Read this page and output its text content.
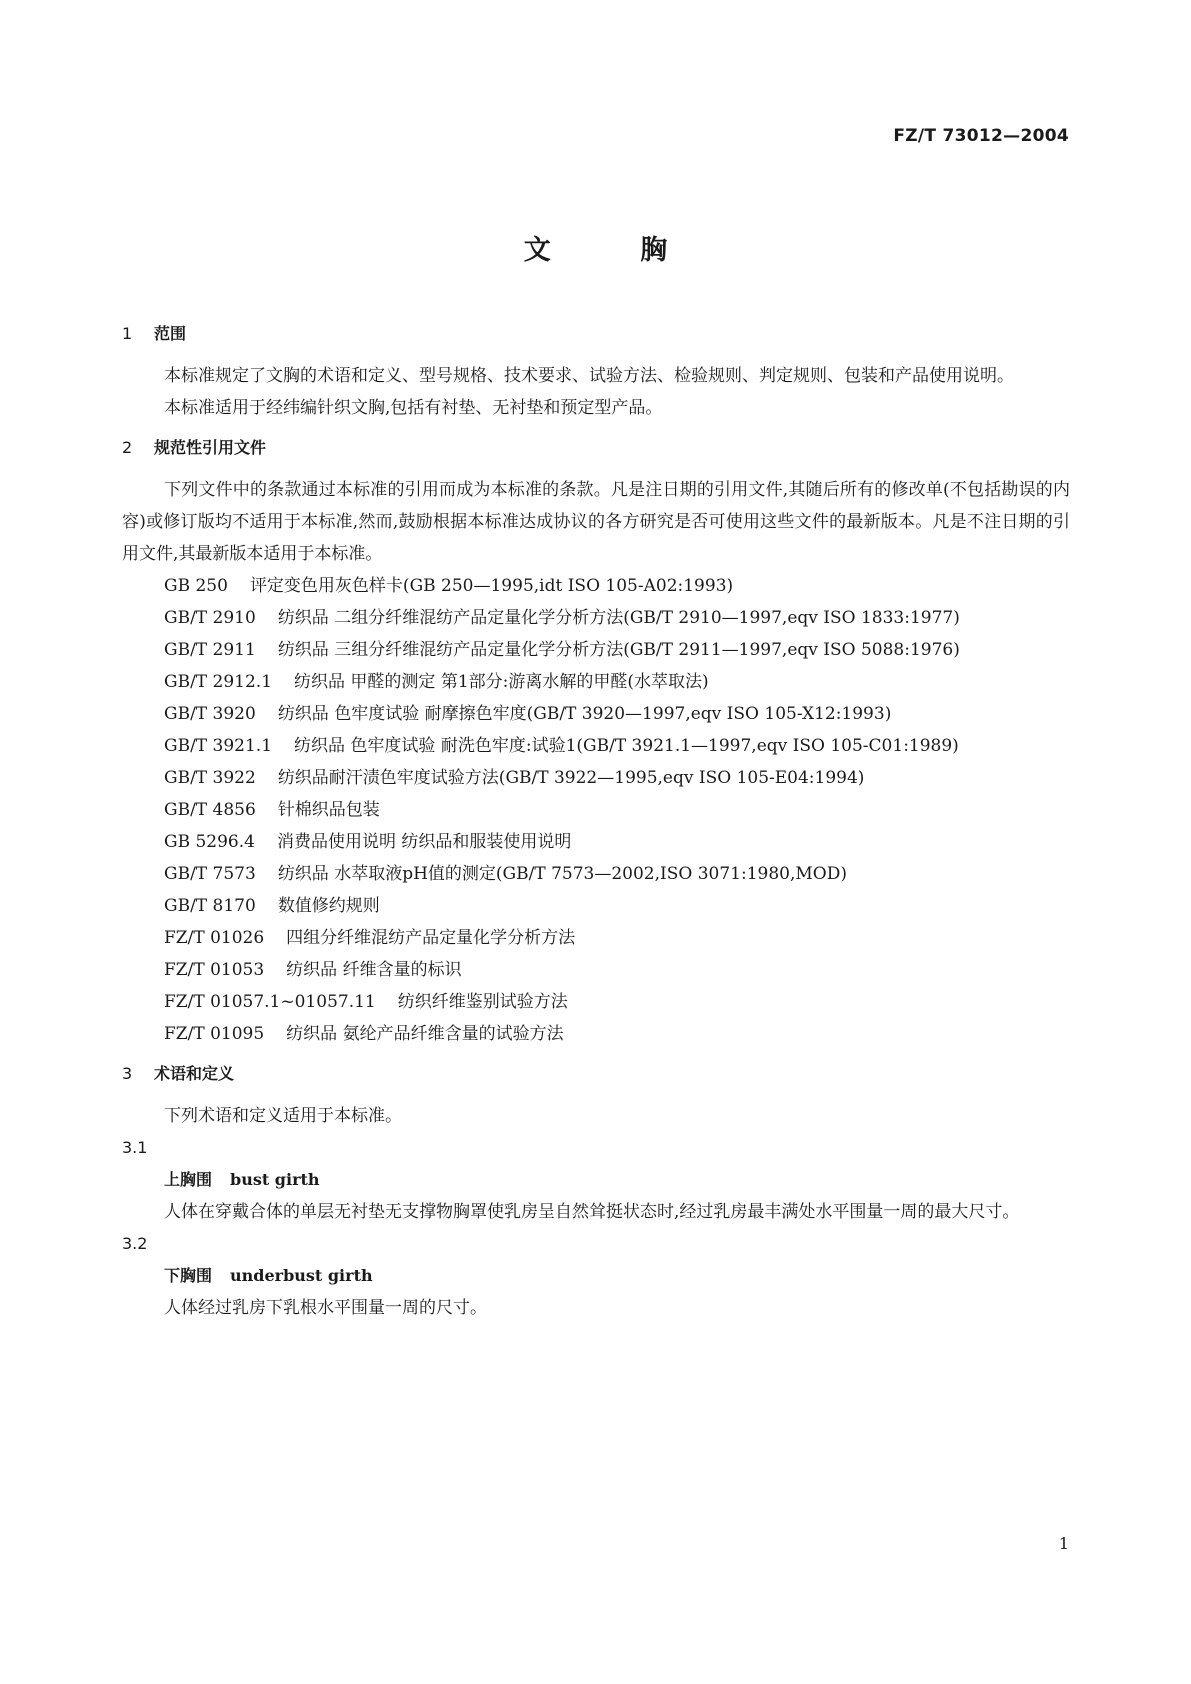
FZ/T 73012—2004
文 胸
1 范围
本标准规定了文胸的术语和定义、型号规格、技术要求、试验方法、检验规则、判定规则、包装和产品使用说明。
本标准适用于经纬编针织文胸,包括有衬垫、无衬垫和预定型产品。
2 规范性引用文件
下列文件中的条款通过本标准的引用而成为本标准的条款。凡是注日期的引用文件,其随后所有的修改单(不包括勘误的内容)或修订版均不适用于本标准,然而,鼓励根据本标准达成协议的各方研究是否可使用这些文件的最新版本。凡是不注日期的引用文件,其最新版本适用于本标准。
GB 250 评定变色用灰色样卡(GB 250—1995,idt ISO 105-A02:1993)
GB/T 2910 纺织品 二组分纤维混纺产品定量化学分析方法(GB/T 2910—1997,eqv ISO 1833:1977)
GB/T 2911 纺织品 三组分纤维混纺产品定量化学分析方法(GB/T 2911—1997,eqv ISO 5088:1976)
GB/T 2912.1 纺织品 甲醛的测定 第1部分:游离水解的甲醛(水萃取法)
GB/T 3920 纺织品 色牢度试验 耐摩擦色牢度(GB/T 3920—1997,eqv ISO 105-X12:1993)
GB/T 3921.1 纺织品 色牢度试验 耐洗色牢度:试验1(GB/T 3921.1—1997,eqv ISO 105-C01:1989)
GB/T 3922 纺织品耐汗渍色牢度试验方法(GB/T 3922—1995,eqv ISO 105-E04:1994)
GB/T 4856 针棉织品包装
GB 5296.4 消费品使用说明 纺织品和服装使用说明
GB/T 7573 纺织品 水萃取液pH值的测定(GB/T 7573—2002,ISO 3071:1980,MOD)
GB/T 8170 数值修约规则
FZ/T 01026 四组分纤维混纺产品定量化学分析方法
FZ/T 01053 纺织品 纤维含量的标识
FZ/T 01057.1~01057.11 纺织纤维鉴别试验方法
FZ/T 01095 纺织品 氨纶产品纤维含量的试验方法
3 术语和定义
下列术语和定义适用于本标准。
3.1
上胸围 bust girth
人体在穿戴合体的单层无衬垫无支撑物胸罩使乳房呈自然耸挺状态时,经过乳房最丰满处水平围量一周的最大尺寸。
3.2
下胸围 underbust girth
人体经过乳房下乳根水平围量一周的尺寸。
1
